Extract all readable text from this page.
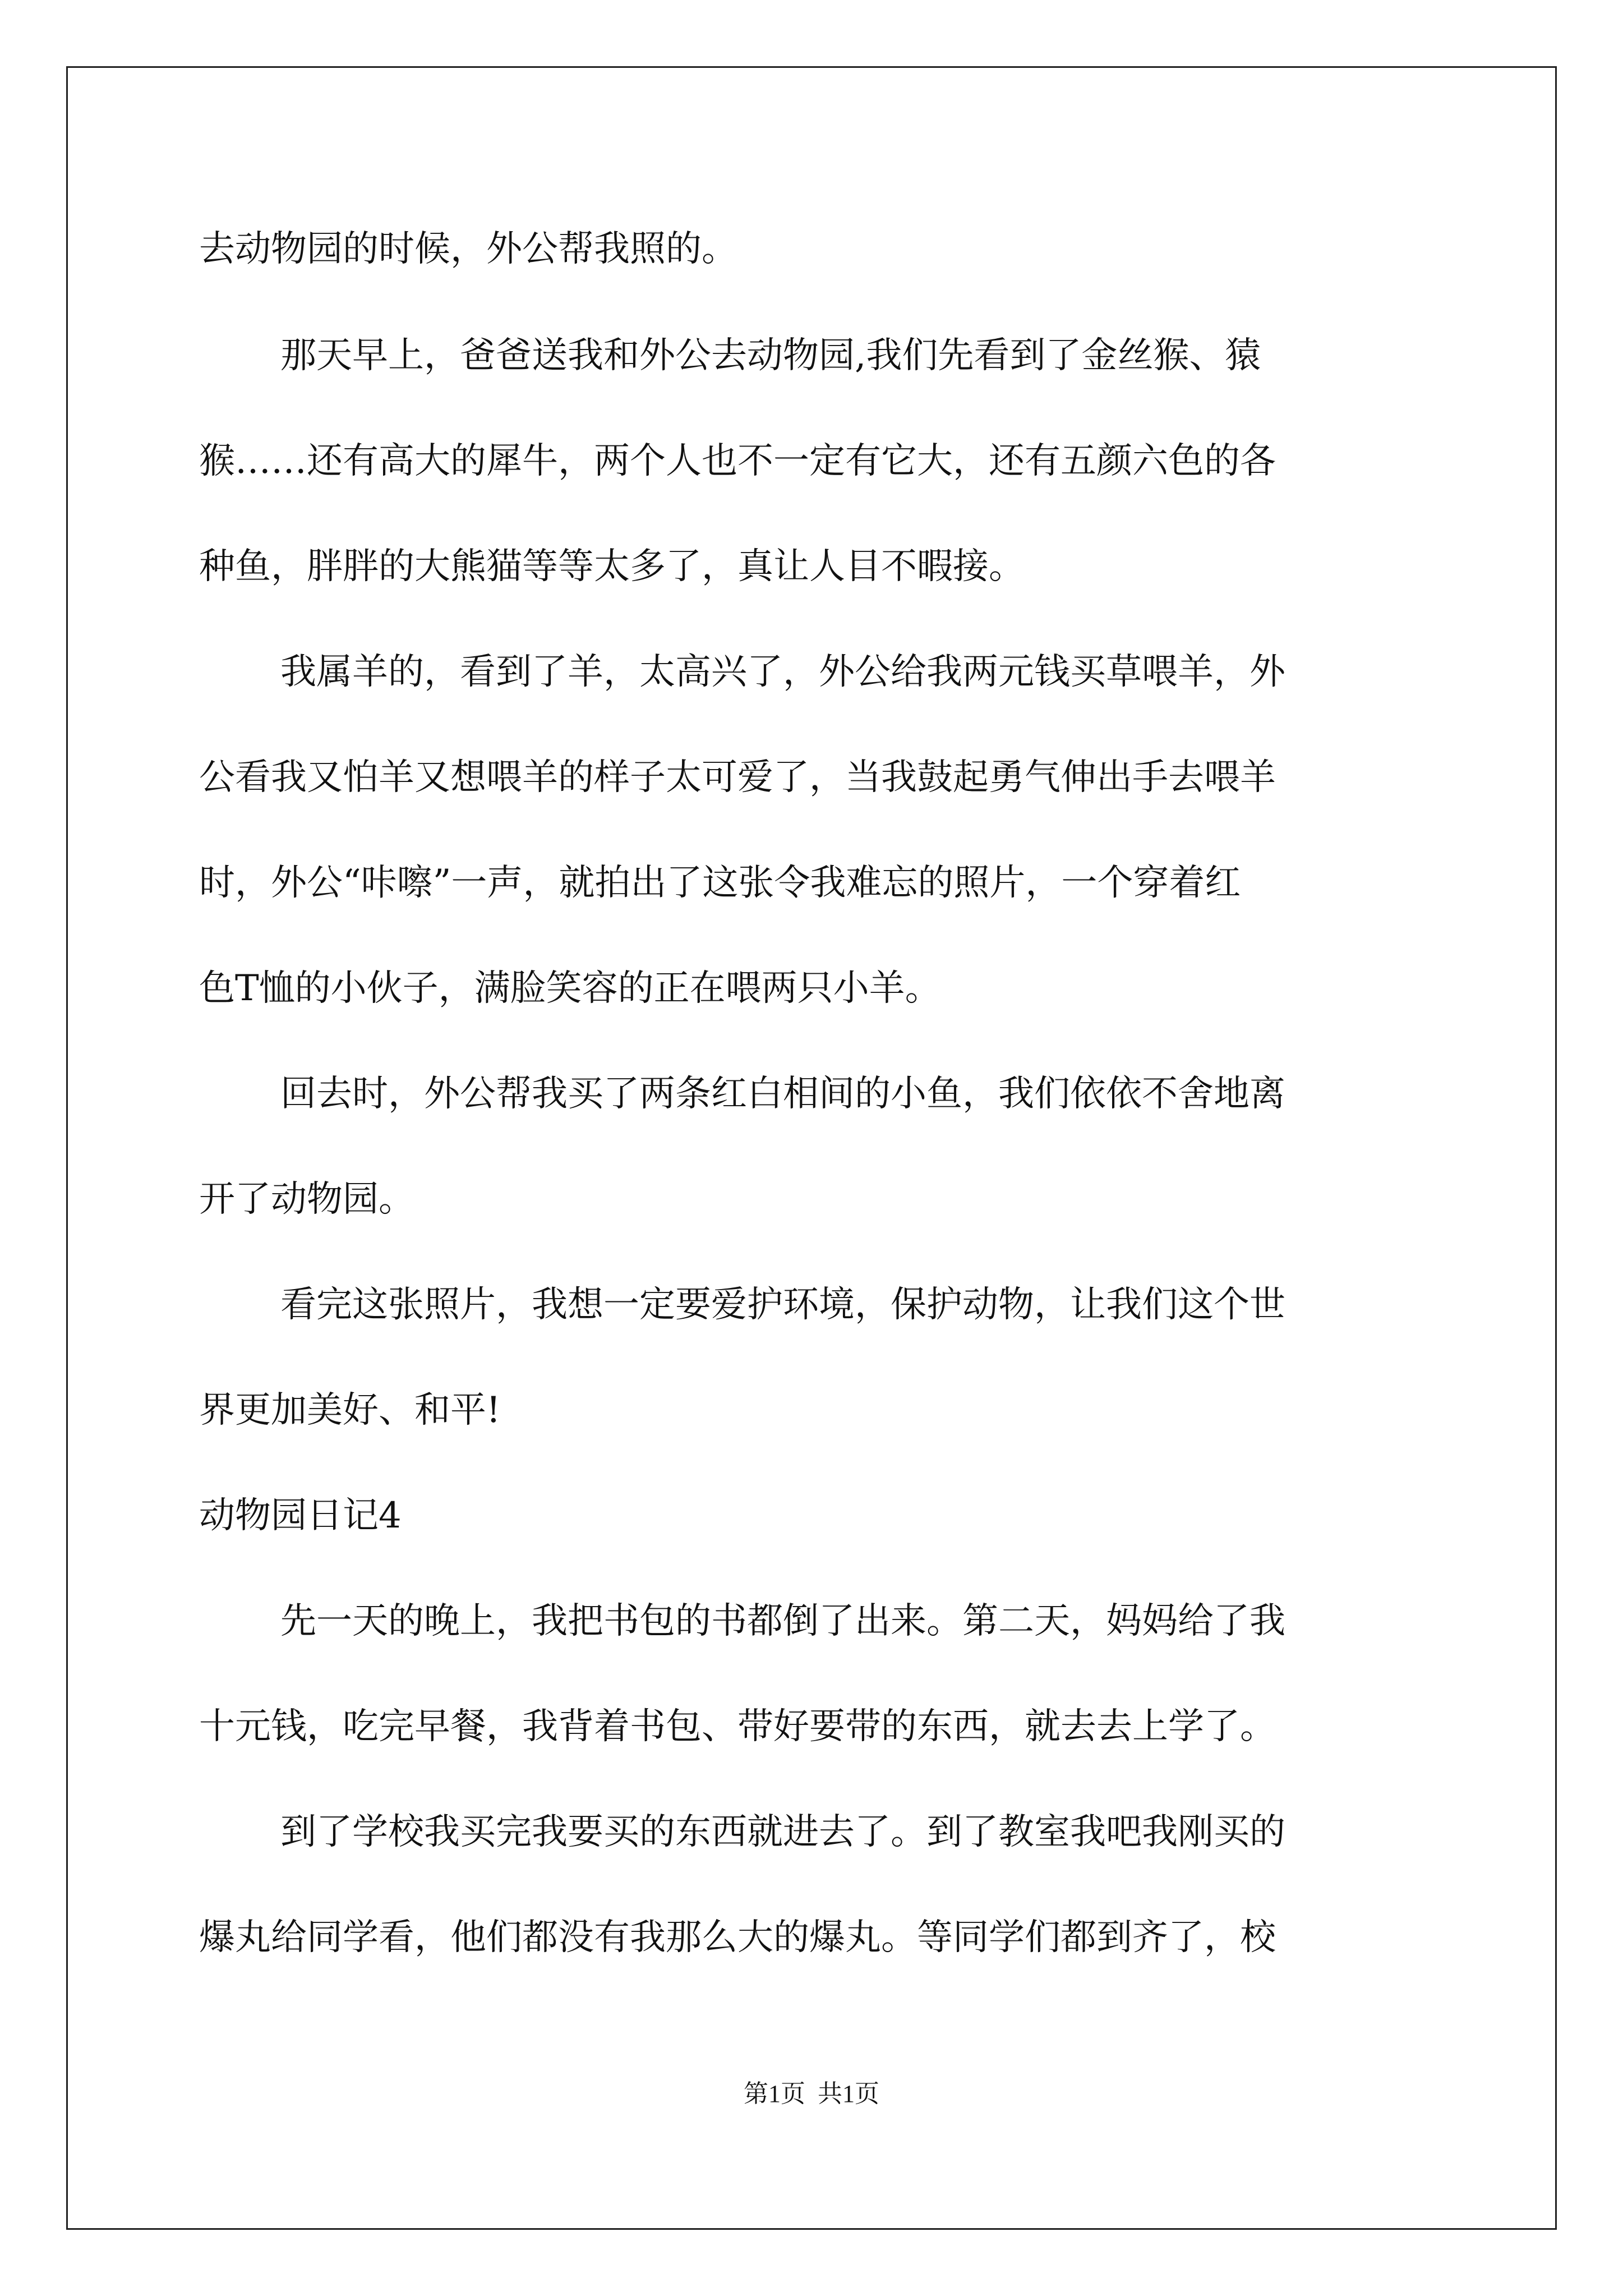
去动物园的时候，外公帮我照的。
那天早上，爸爸送我和外公去动物园,我们先看到了金丝猴、猿
猴……还有高大的犀牛，两个人也不一定有它大，还有五颜六色的各
种鱼，胖胖的大熊猫等等太多了，真让人目不暇接。
我属羊的，看到了羊，太高兴了，外公给我两元钱买草喂羊，外
公看我又怕羊又想喂羊的样子太可爱了，当我鼓起勇气伸出手去喂羊
时，外公“咔嚓”一声，就拍出了这张令我难忘的照片，一个穿着红
色T恤的小伙子，满脸笑容的正在喂两只小羊。
回去时，外公帮我买了两条红白相间的小鱼，我们依依不舍地离
开了动物园。
看完这张照片，我想一定要爱护环境，保护动物，让我们这个世
界更加美好、和平!
动物园日记4
先一天的晚上，我把书包的书都倒了出来。第二天，妈妈给了我
十元钱，吃完早餐，我背着书包、带好要带的东西，就去去上学了。
到了学校我买完我要买的东西就进去了。到了教室我吧我刚买的
爆丸给同学看，他们都没有我那么大的爆丸。等同学们都到齐了，校
第1页  共1页
